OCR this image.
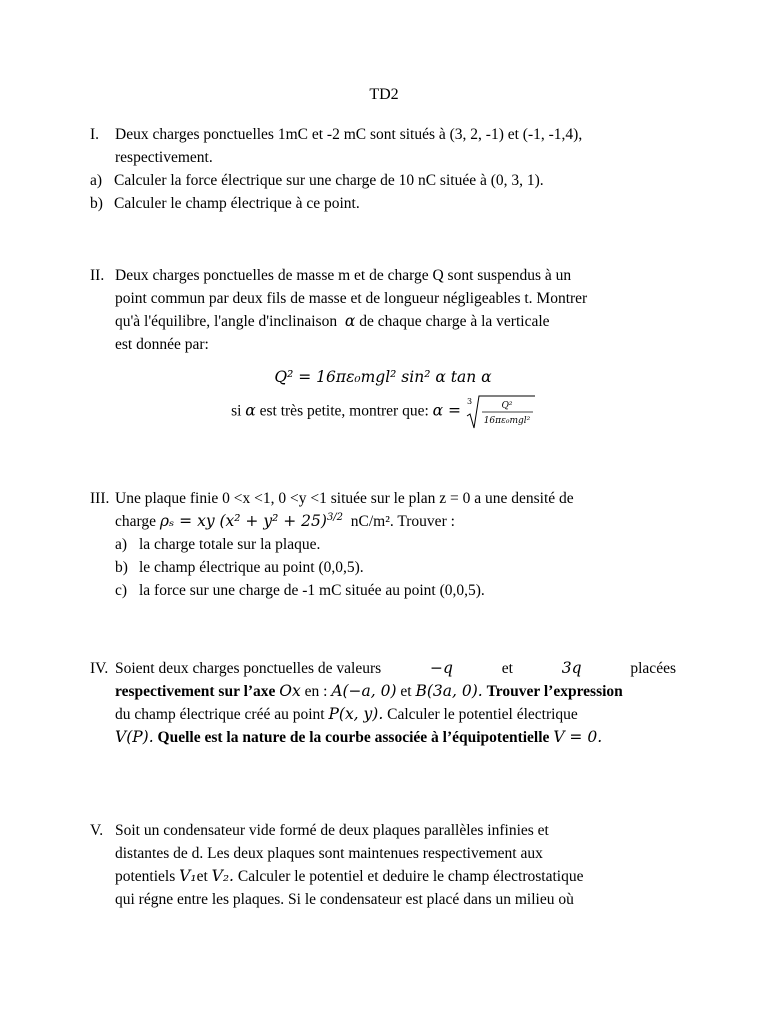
TD2
I. Deux charges ponctuelles 1mC et -2 mC sont situés à (3, 2, -1) et (-1, -1,4),
respectivement.
a) Calculer la force électrique sur une charge de 10 nC située à (0, 3, 1).
b) Calculer le champ électrique à ce point.
II. Deux charges ponctuelles de masse m et de charge Q sont suspendus à un
point commun par deux fils de masse et de longueur négligeables t. Montrer
qu'à l'équilibre, l'angle d'inclinaison α de chaque charge à la verticale
est donnée par:
Q² = 16πε₀mgl² sin² α tan α
si α est très petite, montrer que: α =
3	Q²
16πε₀mgl²
III. Une plaque finie 0 <x <1, 0 <y <1 située sur le plan z = 0 a une densité de
charge ρₛ = xy $(x^2 + y^2 + 25)^{3/2}$ nC/m². Trouver :
a) la charge totale sur la plaque.
b) le champ électrique au point (0,0,5).
c) la force sur une charge de -1 mC située au point (0,0,5).
IV. Soient deux charges ponctuelles de valeurs	−q	et	3q	placées
respectivement sur l’axe Ox en : A(−a, 0) et B(3a, 0). Trouver l’expression
du champ électrique créé au point P(x, y). Calculer le potentiel électrique
V(P). Quelle est la nature de la courbe associée à l’équipotentielle V = 0.
V. Soit un condensateur vide formé de deux plaques parallèles infinies et
distantes de d. Les deux plaques sont maintenues respectivement aux
potentiels V₁et V₂. Calculer le potentiel et deduire le champ électrostatique
qui régne entre les plaques. Si le condensateur est placé dans un milieu où
